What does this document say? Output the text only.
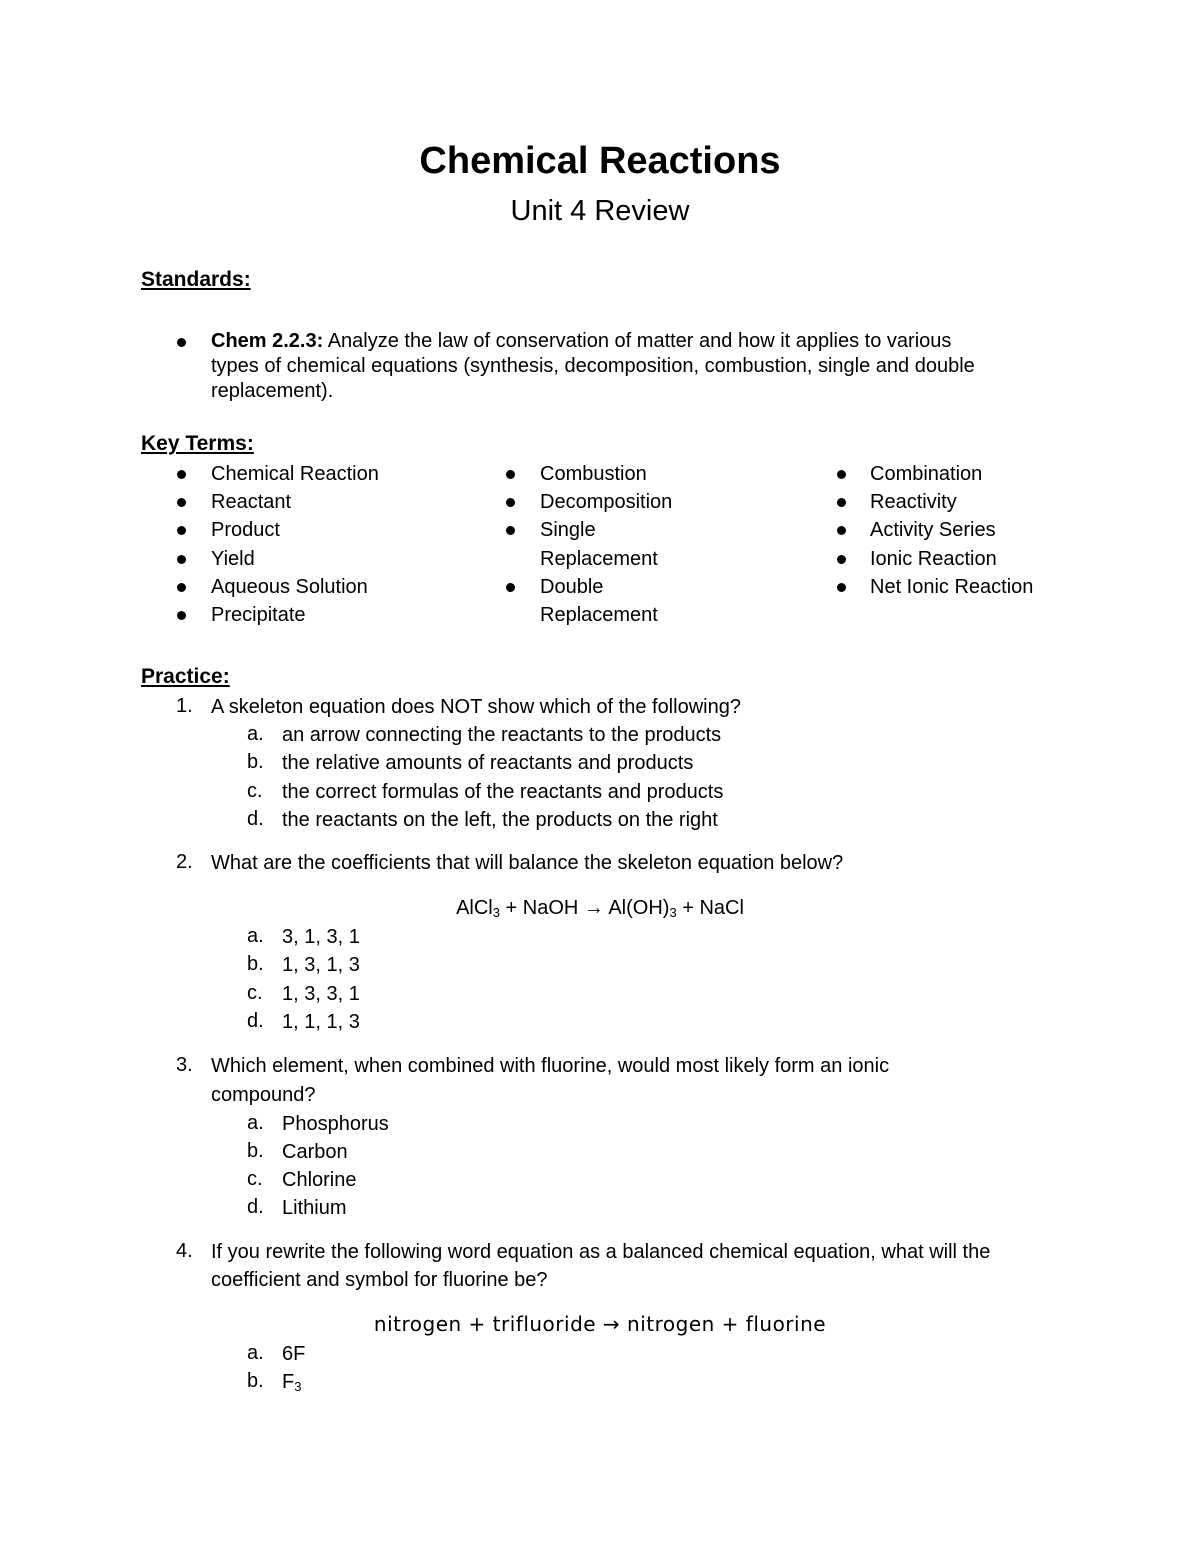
Chemical Reactions
Unit 4 Review
Standards:
Chem 2.2.3: Analyze the law of conservation of matter and how it applies to various
types of chemical equations (synthesis, decomposition, combustion, single and double
replacement).
Key Terms:
Chemical Reaction
Reactant
Product
Yield
Aqueous Solution
Precipitate
Combustion
Decomposition
Single
Replacement
Double
Replacement
Combination
Reactivity
Activity Series
Ionic Reaction
Net Ionic Reaction
Practice:
1. A skeleton equation does NOT show which of the following?
a. an arrow connecting the reactants to the products
b. the relative amounts of reactants and products
c. the correct formulas of the reactants and products
d. the reactants on the left, the products on the right
2. What are the coefficients that will balance the skeleton equation below?
AlCl$_3$ + NaOH → $Al(OH)_3$ + NaCl
a. 3, 1, 3, 1
b. 1, 3, 1, 3
c. 1, 3, 3, 1
d. 1, 1, 1, 3
3. Which element, when combined with fluorine, would most likely form an ionic
compound?
a. Phosphorus
b. Carbon
c. Chlorine
d. Lithium
4. If you rewrite the following word equation as a balanced chemical equation, what will the
coefficient and symbol for fluorine be?
nitrogen + trifluoride → nitrogen + fluorine
a. 6F
b. $F_3$
